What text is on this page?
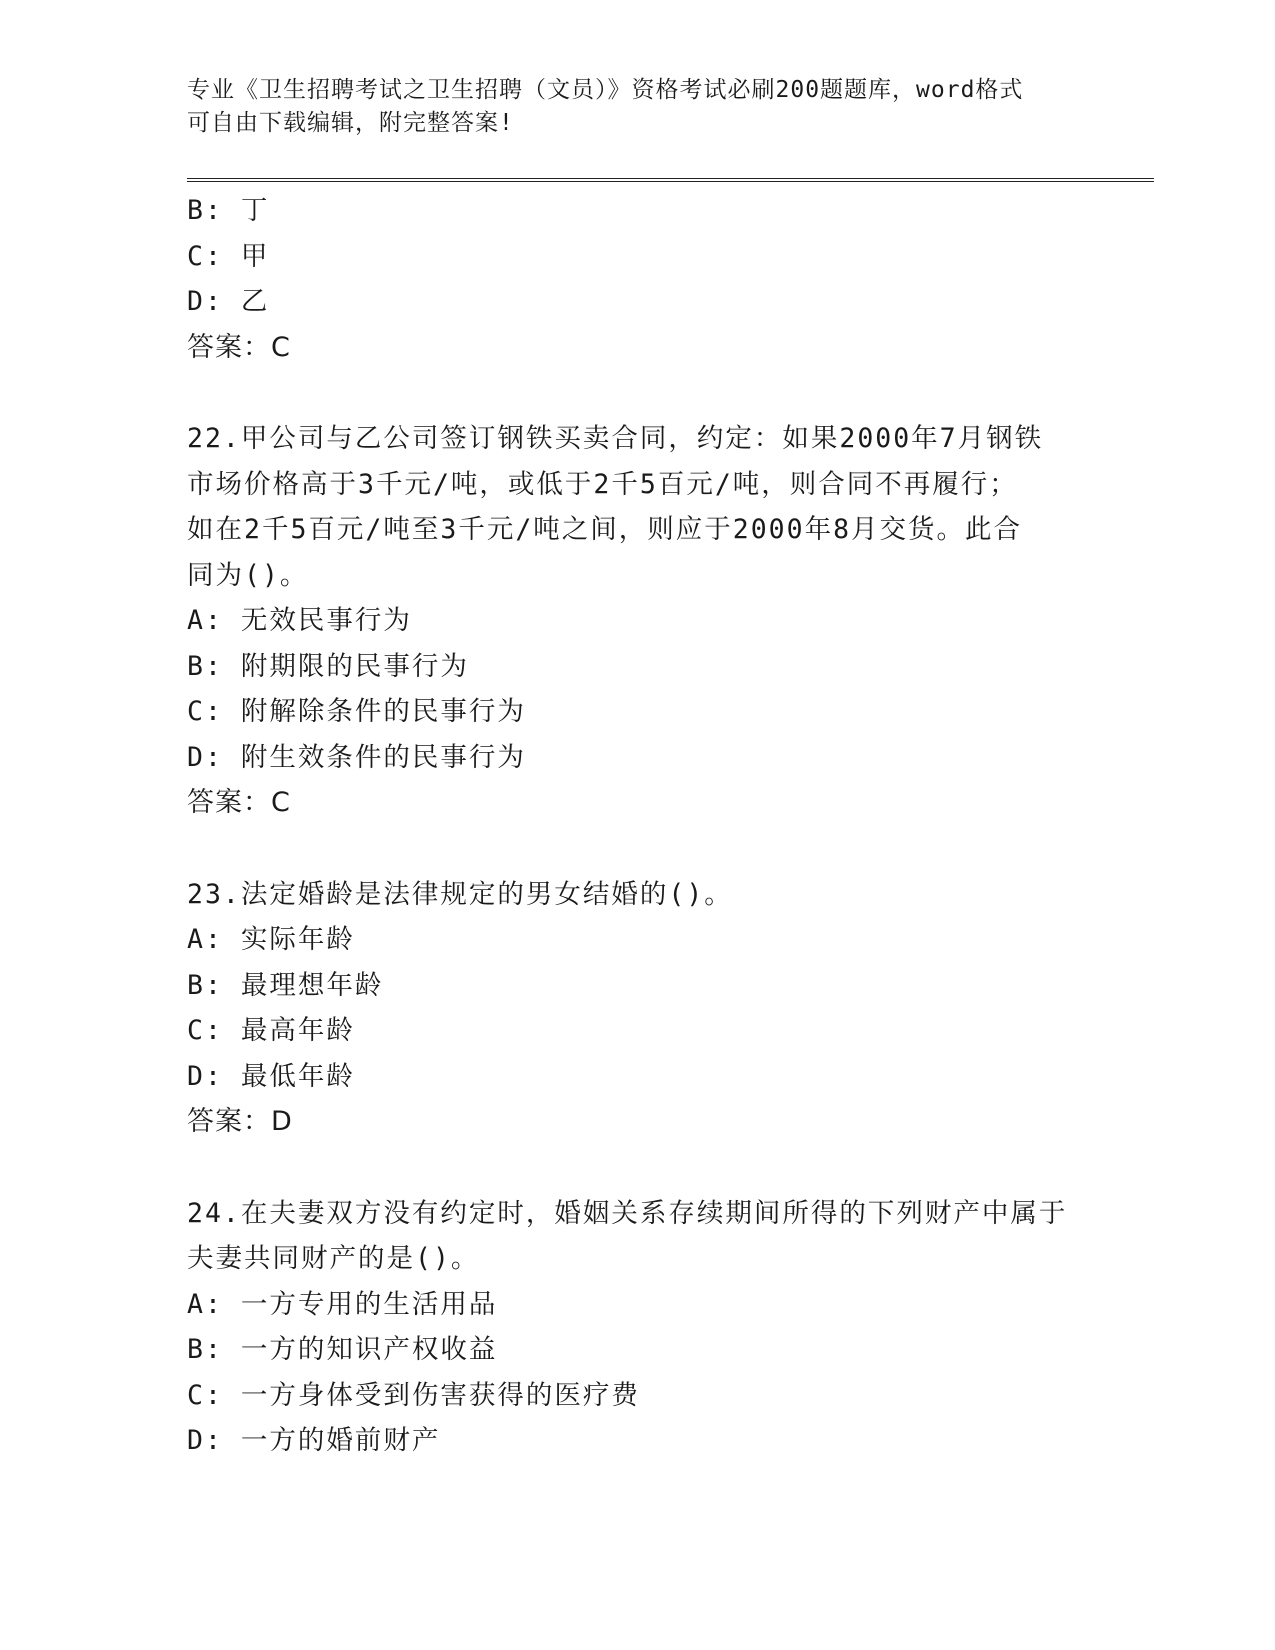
专业《卫生招聘考试之卫生招聘（文员）》资格考试必刷200题题库，word格式
可自由下载编辑，附完整答案!
B: 丁
C: 甲
D: 乙
答案：C
22.甲公司与乙公司签订钢铁买卖合同，约定：如果2000年7月钢铁
市场价格高于3千元/吨，或低于2千5百元/吨，则合同不再履行；
如在2千5百元/吨至3千元/吨之间，则应于2000年8月交货。此合
同为()。
A: 无效民事行为
B: 附期限的民事行为
C: 附解除条件的民事行为
D: 附生效条件的民事行为
答案：C
23.法定婚龄是法律规定的男女结婚的()。
A: 实际年龄
B: 最理想年龄
C: 最高年龄
D: 最低年龄
答案：D
24.在夫妻双方没有约定时，婚姻关系存续期间所得的下列财产中属于
夫妻共同财产的是()。
A: 一方专用的生活用品
B: 一方的知识产权收益
C: 一方身体受到伤害获得的医疗费
D: 一方的婚前财产
